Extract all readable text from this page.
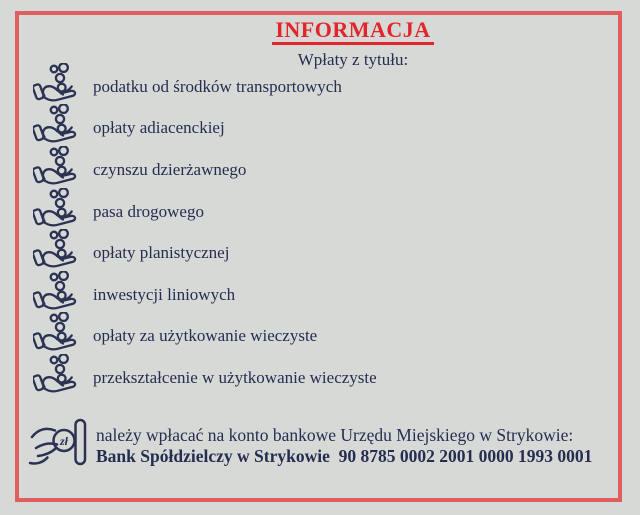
INFORMACJA
Wpłaty z tytułu:
podatku od środków transportowych
opłaty adiacenckiej
czynszu dzierżawnego
pasa drogowego
opłaty planistycznej
inwestycji liniowych
opłaty za użytkowanie wieczyste
przekształcenie w użytkowanie wieczyste
zł należy wpłacać na konto bankowe Urzędu Miejskiego w Strykowie:
Bank Spółdzielczy w Strykowie  90 8785 0002 2001 0000 1993 0001
